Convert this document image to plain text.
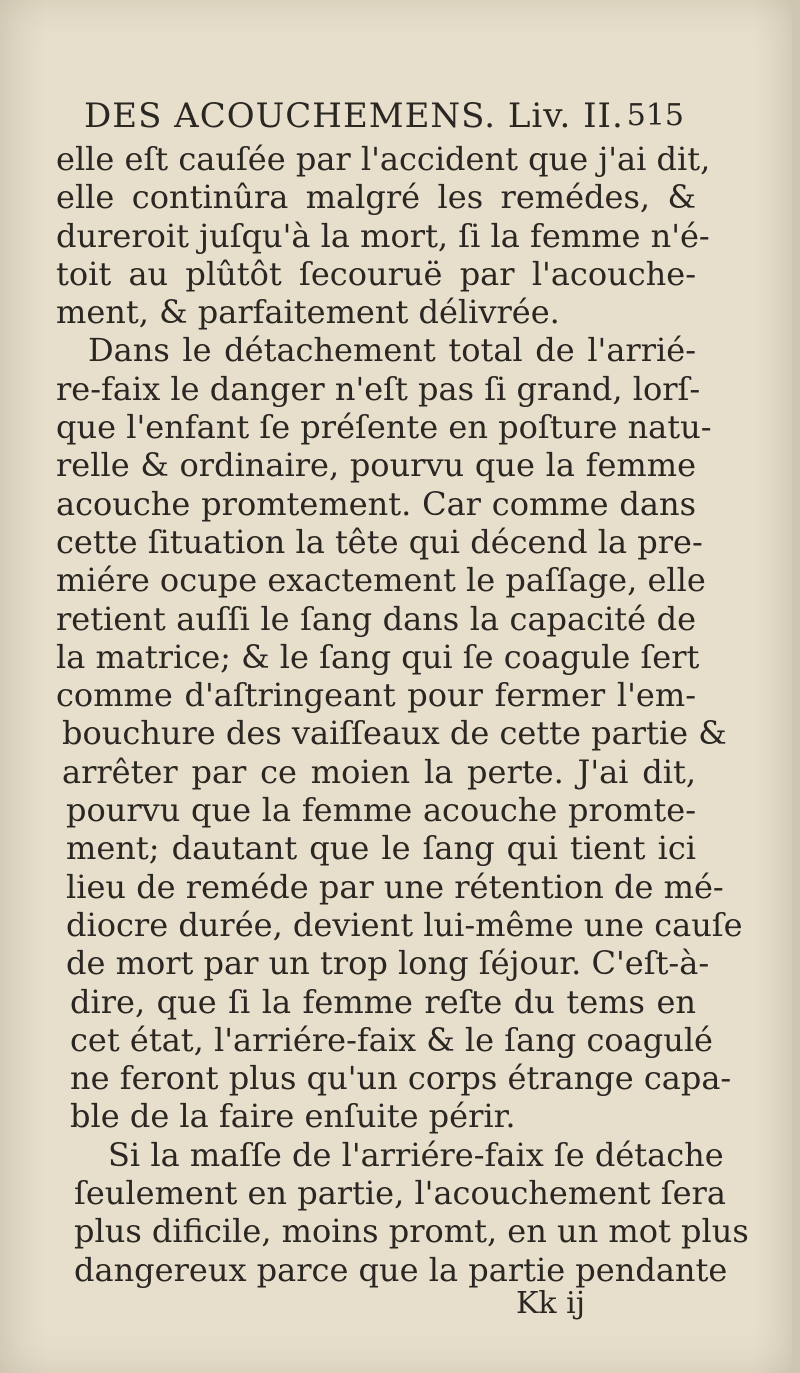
DES ACOUCHEMENS. Liv. II. 515
elle eſt cauſée par l'accident que j'ai dit,
elle continûra malgré les remédes, &
dureroit juſqu'à la mort, ſi la femme n'é-
toit au plûtôt ſecouruë par l'acouche-
ment, & parfaitement délivrée.
Dans le détachement total de l'arrié-
re-faix le danger n'eſt pas ſi grand, lorſ-
que l'enfant ſe préſente en poſture natu-
relle & ordinaire, pourvu que la femme
acouche promtement. Car comme dans
cette ſituation la tête qui décend la pre-
miére ocupe exactement le paſſage, elle
retient auſſi le ſang dans la capacité de
la matrice; & le ſang qui ſe coagule ſert
comme d'aſtringeant pour fermer l'em-
bouchure des vaiſſeaux de cette partie &
arrêter par ce moien la perte. J'ai dit,
pourvu que la femme acouche promte-
ment; dautant que le ſang qui tient ici
lieu de reméde par une rétention de mé-
diocre durée, devient lui-même une cauſe
de mort par un trop long ſéjour. C'eſt-à-
dire, que ſi la femme reſte du tems en
cet état, l'arriére-faix & le ſang coagulé
ne feront plus qu'un corps étrange capa-
ble de la faire enſuite périr.
Si la maſſe de l'arriére-faix ſe détache
ſeulement en partie, l'acouchement ſera
plus dificile, moins promt, en un mot plus
dangereux parce que la partie pendante
Kk ij
